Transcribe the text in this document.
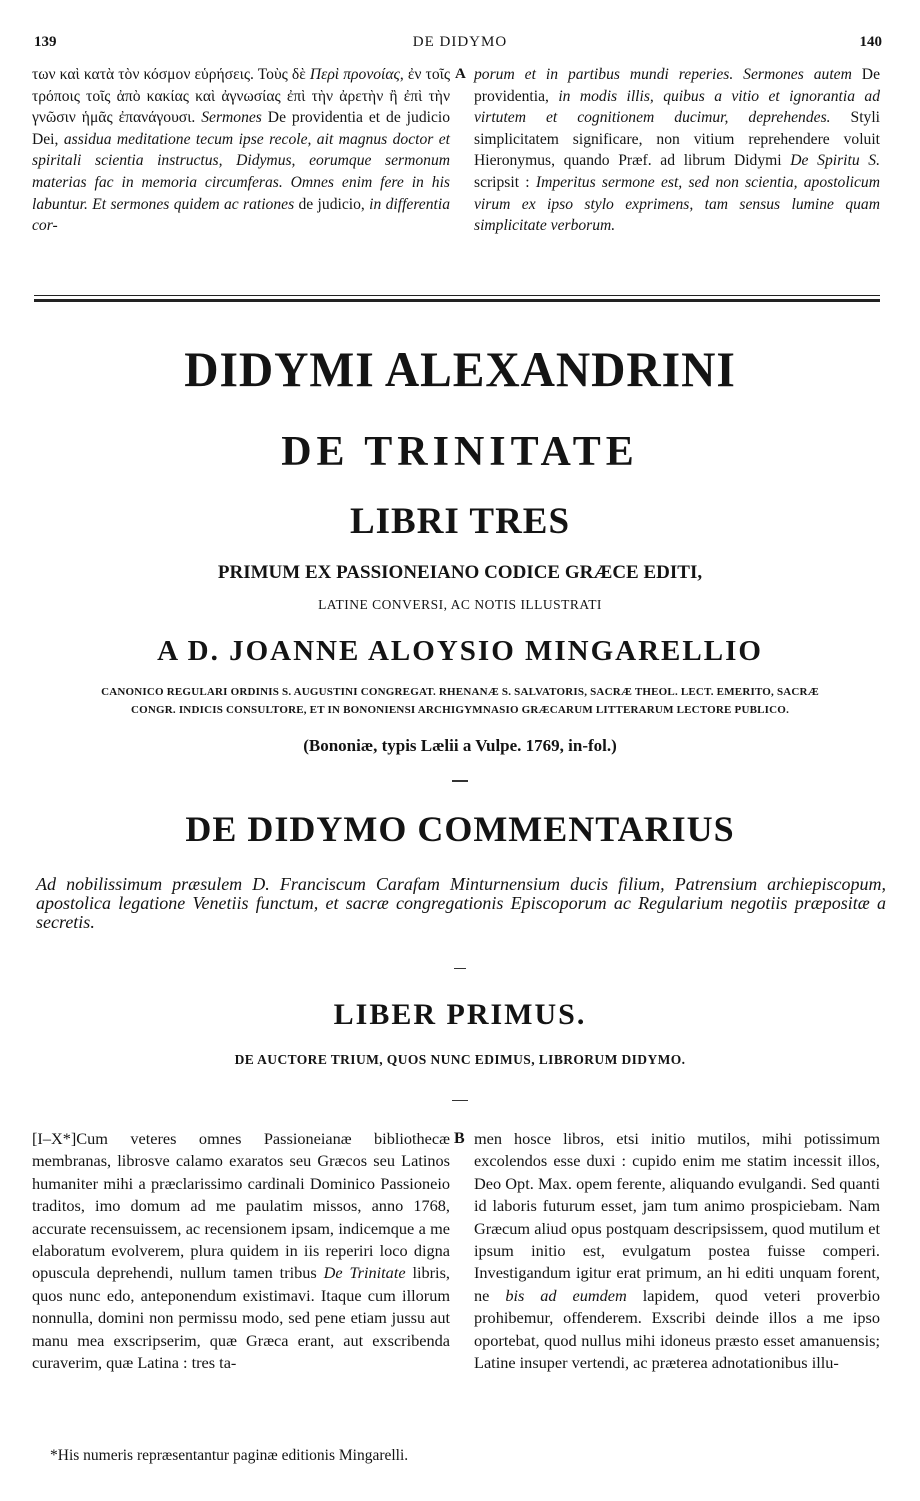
139	DE DIDYMO	140

των καὶ κατὰ τὸν κόσμον εὑρήσεις. Τοὺς δὲ Περὶ προνοίας, ἐν τοῖς τρόποις τοῖς ἀπὸ κακίας καὶ ἀγνωσίας ἐπὶ τὴν ἀρετὴν ἢ ἐπὶ τὴν γνῶσιν ἡμᾶς ἐπανάγουσι. Sermones De providentia et de judicio Dei, assidua meditatione tecum ipse recole, ait magnus doctor et spiritali scientia instructus, Didymus, eorumque sermonum materias fac in memoria circumferas. Omnes enim fere in his labuntur. Et sermones quidem ac rationes de judicio, in differentia cor-

A porum et in partibus mundi reperies. Sermones autem De providentia, in modis illis, quibus a vitio et ignorantia ad virtutem et cognitionem ducimur, deprehendes. Styli simplicitatem significare, non vitium reprehendere voluit Hieronymus, quando Præf. ad librum Didymi De Spiritu S. scripsit : Imperitus sermone est, sed non scientia, apostolicum virum ex ipso stylo exprimens, tam sensus lumine quam simplicitate verborum.

DIDYMI ALEXANDRINI
DE TRINITATE
LIBRI TRES
PRIMUM EX PASSIONEIANO CODICE GRÆCE EDITI,
LATINE CONVERSI, AC NOTIS ILLUSTRATI
A D. JOANNE ALOYSIO MINGARELLIO
CANONICO REGULARI ORDINIS S. AUGUSTINI CONGREGAT. RHENANÆ S. SALVATORIS, SACRÆ THEOL. LECT. EMERITO, SACRÆ
CONGR. INDICIS CONSULTORE, ET IN BONONIENSI ARCHIGYMNASIO GRÆCARUM LITTERARUM LECTORE PUBLICO.
(Bononiæ, typis Lælii a Vulpe. 1769, in-fol.)
DE DIDYMO COMMENTARIUS
Ad nobilissimum præsulem D. Franciscum Carafam Minturnensium ducis filium, Patrensium archiepiscopum, apostolica legatione Venetiis functum, et sacræ congregationis Episcoporum ac Regularium negotiis præpositæ a secretis.
LIBER PRIMUS.
DE AUCTORE TRIUM, QUOS NUNC EDIMUS, LIBRORUM DIDYMO.

[I–X*]Cum veteres omnes Passioneianæ bibliothecæ membranas, librosve calamo exaratos seu Græcos seu Latinos humaniter mihi a præclarissimo cardinali Dominico Passioneio traditos, imo domum ad me paulatim missos, anno 1768, accurate recensuissem, ac recensionem ipsam, indicemque a me elaboratum evolverem, plura quidem in iis reperiri loco digna opuscula deprehendi, nullum tamen tribus De Trinitate libris, quos nunc edo, anteponendum existimavi. Itaque cum illorum nonnulla, domini non permissu modo, sed pene etiam jussu aut manu mea exscripserim, quæ Græca erant, aut exscribenda curaverim, quæ Latina : tres ta-

B men hosce libros, etsi initio mutilos, mihi potissimum excolendos esse duxi : cupido enim me statim incessit illos, Deo Opt. Max. opem ferente, aliquando evulgandi. Sed quanti id laboris futurum esset, jam tum animo prospiciebam. Nam Græcum aliud opus postquam descripsissem, quod mutilum et ipsum initio est, evulgatum postea fuisse comperi. Investigandum igitur erat primum, an hi editi unquam forent, ne bis ad eumdem lapidem, quod veteri proverbio prohibemur, offenderem. Exscribi deinde illos a me ipso oportebat, quod nullus mihi idoneus præsto esset amanuensis; Latine insuper vertendi, ac præterea adnotationibus illu-

*His numeris repræsentantur paginæ editionis Mingarelli.
